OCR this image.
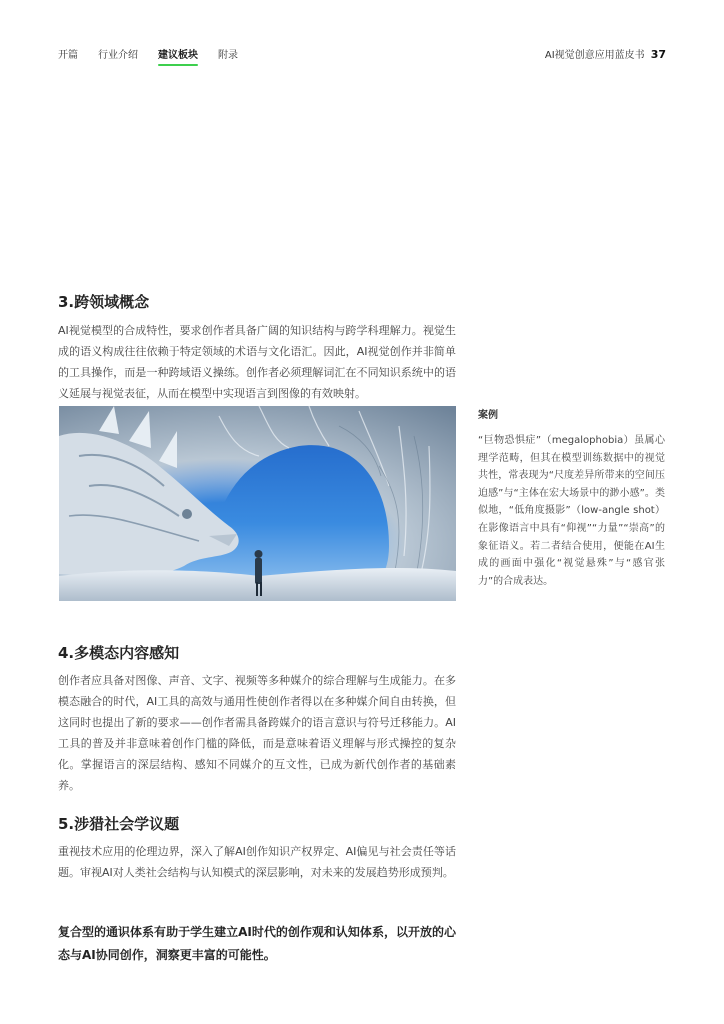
开篇 行业介绍 建议板块 附录	AI视觉创意应用蓝皮书 37
3.跨领域概念

AI视觉模型的合成特性，要求创作者具备广阔的知识结构与跨学科理解力。视觉生成的语义构成往往依赖于特定领域的术语与文化语汇。因此，AI视觉创作并非简单的工具操作，而是一种跨域语义操练。创作者必须理解词汇在不同知识系统中的语义延展与视觉表征，从而在模型中实现语言到图像的有效映射。

案例

“巨物恐惧症”（megalophobia）虽属心理学范畴，但其在模型训练数据中的视觉共性，常表现为“尺度差异所带来的空间压迫感”与“主体在宏大场景中的渺小感”。类似地，“低角度摄影”（low-angle shot）在影像语言中具有“仰视”“力量”“崇高”的象征语义。若二者结合使用，便能在AI生成的画面中强化“视觉悬殊”与“感官张力”的合成表达。

4.多模态内容感知

创作者应具备对图像、声音、文字、视频等多种媒介的综合理解与生成能力。在多模态融合的时代，AI工具的高效与通用性使创作者得以在多种媒介间自由转换，但这同时也提出了新的要求——创作者需具备跨媒介的语言意识与符号迁移能力。AI工具的普及并非意味着创作门槛的降低，而是意味着语义理解与形式操控的复杂化。掌握语言的深层结构、感知不同媒介的互文性，已成为新代创作者的基础素养。

5.涉猎社会学议题

重视技术应用的伦理边界，深入了解AI创作知识产权界定、AI偏见与社会责任等话题。审视AI对人类社会结构与认知模式的深层影响，对未来的发展趋势形成预判。

复合型的通识体系有助于学生建立AI时代的创作观和认知体系，以开放的心态与AI协同创作，洞察更丰富的可能性。
